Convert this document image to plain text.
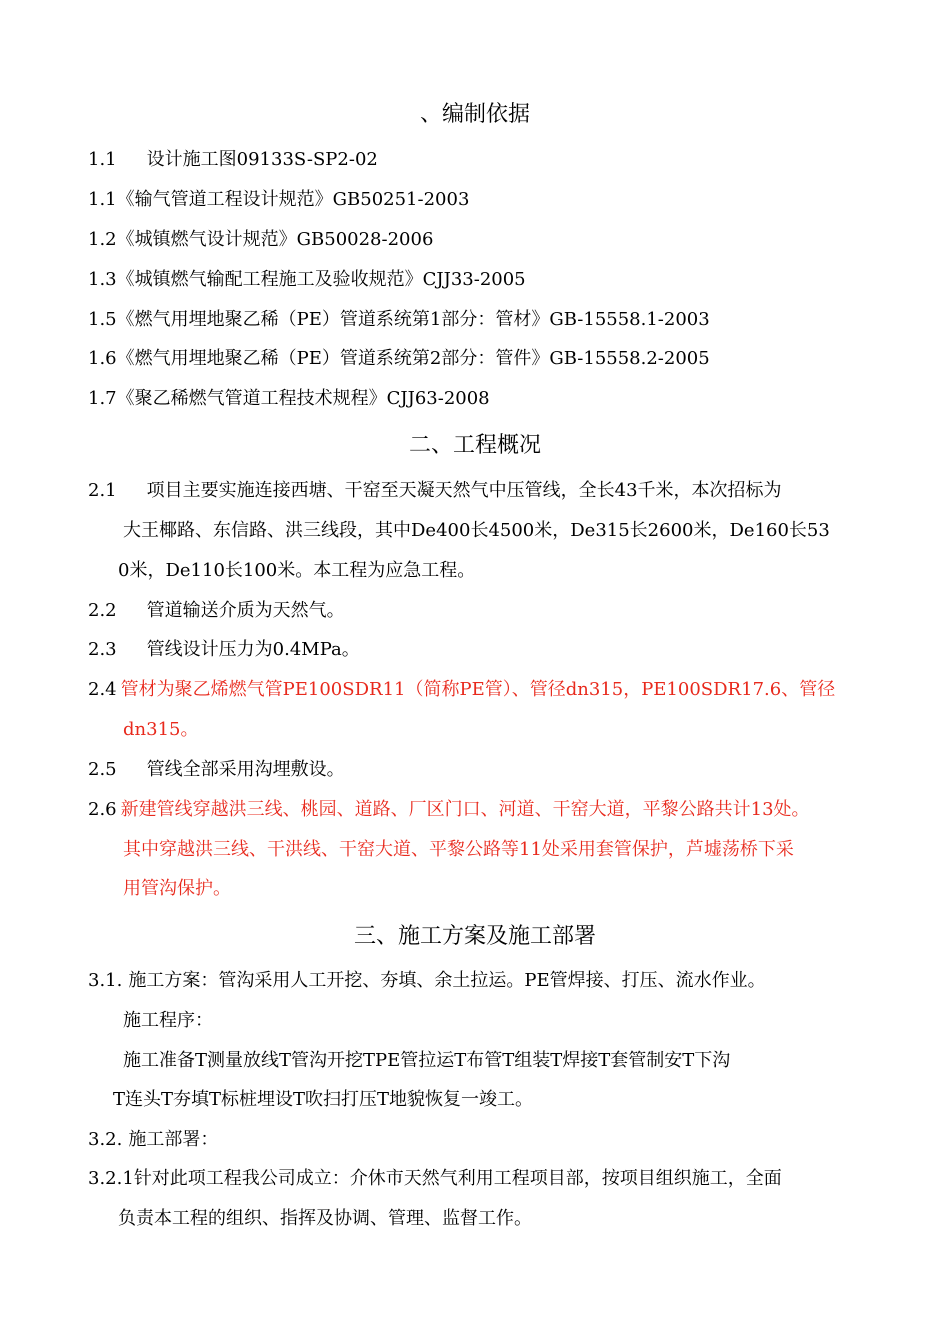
、编制依据
1.1 设计施工图09133S-SP2-02
1.1《输气管道工程设计规范》GB50251-2003
1.2《城镇燃气设计规范》GB50028-2006
1.3《城镇燃气输配工程施工及验收规范》CJJ33-2005
1.5《燃气用埋地聚乙稀（PE）管道系统第1部分：管材》GB-15558.1-2003
1.6《燃气用埋地聚乙稀（PE）管道系统第2部分：管件》GB-15558.2-2005
1.7《聚乙稀燃气管道工程技术规程》CJJ63-2008
二、工程概况
2.1 项目主要实施连接西塘、干窑至天凝天然气中压管线，全长43千米，本次招标为
大王椰路、东信路、洪三线段，其中De400长4500米，De315长2600米，De160长53
0米，De110长100米。本工程为应急工程。
2.2 管道输送介质为天然气。
2.3 管线设计压力为0.4MPa。
2.4 管材为聚乙烯燃气管PE100SDR11（简称PE管）、管径dn315，PE100SDR17.6、管径
dn315。
2.5 管线全部采用沟埋敷设。
2.6 新建管线穿越洪三线、桃园、道路、厂区门口、河道、干窑大道，平黎公路共计13处。
其中穿越洪三线、干洪线、干窑大道、平黎公路等11处采用套管保护，芦墟荡桥下采
用管沟保护。
三、施工方案及施工部署
3.1. 施工方案：管沟采用人工开挖、夯填、余土拉运。PE管焊接、打压、流水作业。
施工程序：
施工准备T测量放线T管沟开挖TPE管拉运T布管T组装T焊接T套管制安T下沟
T连头T夯填T标桩埋设T吹扫打压T地貌恢复一竣工。
3.2. 施工部署：
3.2.1针对此项工程我公司成立：介休市天然气利用工程项目部，按项目组织施工，全面
负责本工程的组织、指挥及协调、管理、监督工作。
